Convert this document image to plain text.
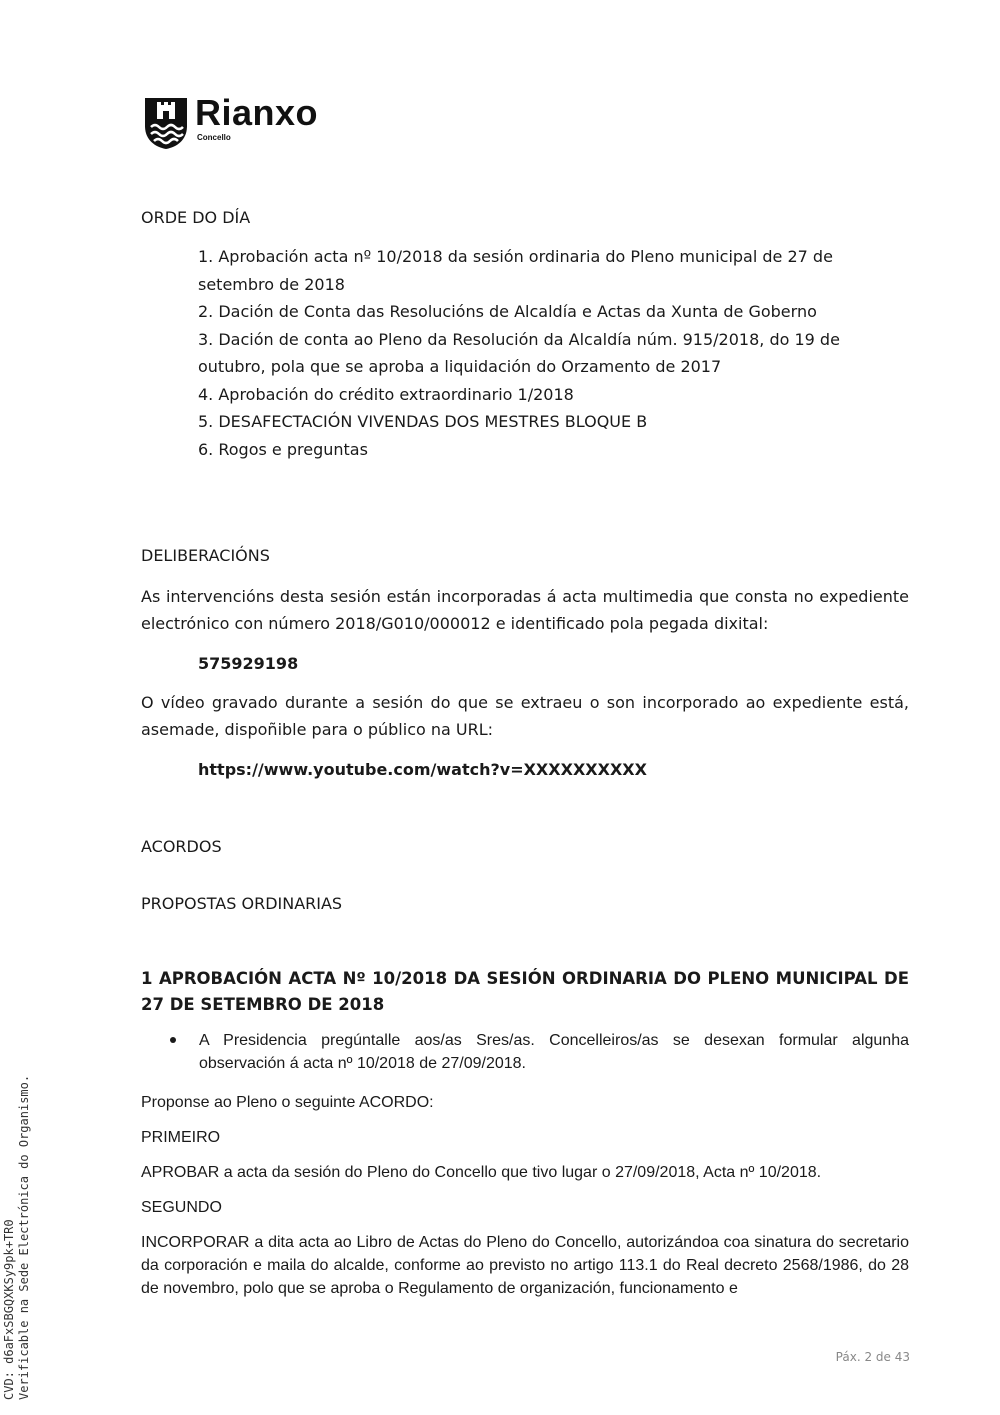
Rianxo
Concello
ORDE DO DÍA
1. Aprobación acta nº 10/2018 da sesión ordinaria do Pleno municipal de 27 de setembro de 2018
2. Dación de Conta das Resolucións de Alcaldía e Actas da Xunta de Goberno
3. Dación de conta ao Pleno da Resolución da Alcaldía núm. 915/2018, do 19 de outubro, pola que se aproba a liquidación do Orzamento de 2017
4. Aprobación do crédito extraordinario 1/2018
5. DESAFECTACIÓN VIVENDAS DOS MESTRES BLOQUE B
6. Rogos e preguntas
DELIBERACIÓNS
As intervencións desta sesión están incorporadas á acta multimedia que consta no expediente electrónico con número 2018/G010/000012 e identificado pola pegada dixital:
575929198
O vídeo gravado durante a sesión do que se extraeu o son incorporado ao expediente está, asemade, dispoñible para o público na URL:
https://www.youtube.com/watch?v=XXXXXXXXXX
ACORDOS
PROPOSTAS ORDINARIAS
1 APROBACIÓN ACTA Nº 10/2018 DA SESIÓN ORDINARIA DO PLENO MUNICIPAL DE 27 DE SETEMBRO DE 2018
A Presidencia pregúntalle aos/as Sres/as. Concelleiros/as se desexan formular algunha observación á acta nº 10/2018 de 27/09/2018.
Proponse ao Pleno o seguinte ACORDO:
PRIMEIRO
APROBAR a acta da sesión do Pleno do Concello que tivo lugar o 27/09/2018, Acta nº 10/2018.
SEGUNDO
INCORPORAR a dita acta ao Libro de Actas do Pleno do Concello, autorizándoa coa sinatura do secretario da corporación e maila do alcalde, conforme ao previsto no artigo 113.1 do Real decreto 2568/1986, do 28 de novembro, polo que se aproba o Regulamento de organización, funcionamento e
Páx. 2 de 43
CVD: d6aFxSBGQXKSy9pk+TR0 Verificable na Sede Electrónica do Organismo.
